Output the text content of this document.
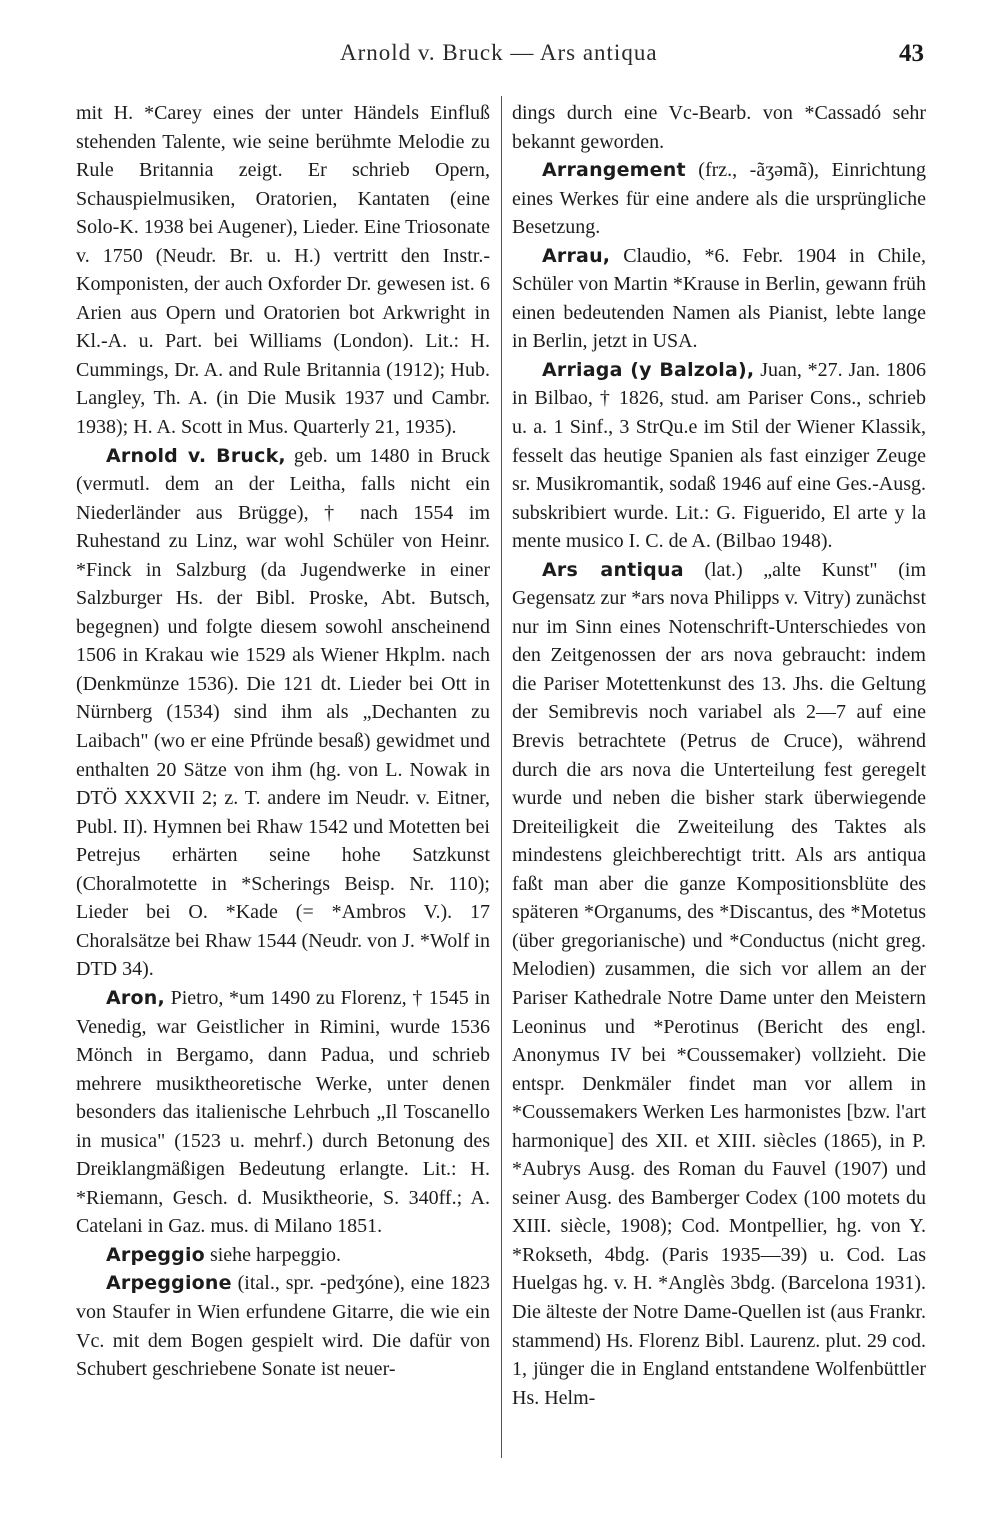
Arnold v. Bruck — Ars antiqua	43

mit H. *Carey eines der unter Händels Einfluß stehenden Talente, wie seine berühmte Melodie zu Rule Britannia zeigt. Er schrieb Opern, Schauspielmusiken, Oratorien, Kantaten (eine Solo-K. 1938 bei Augener), Lieder. Eine Triosonate v. 1750 (Neudr. Br. u. H.) vertritt den Instr.-Komponisten, der auch Oxforder Dr. gewesen ist. 6 Arien aus Opern und Oratorien bot Arkwright in Kl.-A. u. Part. bei Williams (London). Lit.: H. Cummings, Dr. A. and Rule Britannia (1912); Hub. Langley, Th. A. (in Die Musik 1937 und Cambr. 1938); H. A. Scott in Mus. Quarterly 21, 1935).

Arnold v. Bruck, geb. um 1480 in Bruck (vermutl. dem an der Leitha, falls nicht ein Niederländer aus Brügge), † nach 1554 im Ruhestand zu Linz, war wohl Schüler von Heinr. *Finck in Salzburg (da Jugendwerke in einer Salzburger Hs. der Bibl. Proske, Abt. Butsch, begegnen) und folgte diesem sowohl anscheinend 1506 in Krakau wie 1529 als Wiener Hkplm. nach (Denkmünze 1536). Die 121 dt. Lieder bei Ott in Nürnberg (1534) sind ihm als „Dechanten zu Laibach" (wo er eine Pfründe besaß) gewidmet und enthalten 20 Sätze von ihm (hg. von L. Nowak in DTÖ XXXVII 2; z. T. andere im Neudr. v. Eitner, Publ. II). Hymnen bei Rhaw 1542 und Motetten bei Petrejus erhärten seine hohe Satzkunst (Choralmotette in *Scherings Beisp. Nr. 110); Lieder bei O. *Kade (= *Ambros V.). 17 Choralsätze bei Rhaw 1544 (Neudr. von J. *Wolf in DTD 34).

Aron, Pietro, *um 1490 zu Florenz, † 1545 in Venedig, war Geistlicher in Rimini, wurde 1536 Mönch in Bergamo, dann Padua, und schrieb mehrere musiktheoretische Werke, unter denen besonders das italienische Lehrbuch „Il Toscanello in musica" (1523 u. mehrf.) durch Betonung des Dreiklangmäßigen Bedeutung erlangte. Lit.: H. *Riemann, Gesch. d. Musiktheorie, S. 340ff.; A. Catelani in Gaz. mus. di Milano 1851.

Arpeggio siehe harpeggio.

Arpeggione (ital., spr. -pedʒóne), eine 1823 von Staufer in Wien erfundene Gitarre, die wie ein Vc. mit dem Bogen gespielt wird. Die dafür von Schubert geschriebene Sonate ist neuer-

dings durch eine Vc-Bearb. von *Cassadó sehr bekannt geworden.

Arrangement (frz., -ãʒəmã), Einrichtung eines Werkes für eine andere als die ursprüngliche Besetzung.

Arrau, Claudio, *6. Febr. 1904 in Chile, Schüler von Martin *Krause in Berlin, gewann früh einen bedeutenden Namen als Pianist, lebte lange in Berlin, jetzt in USA.

Arriaga (y Balzola), Juan, *27. Jan. 1806 in Bilbao, † 1826, stud. am Pariser Cons., schrieb u. a. 1 Sinf., 3 StrQu.e im Stil der Wiener Klassik, fesselt das heutige Spanien als fast einziger Zeuge sr. Musikromantik, sodaß 1946 auf eine Ges.-Ausg. subskribiert wurde. Lit.: G. Figuerido, El arte y la mente musico I. C. de A. (Bilbao 1948).

Ars antiqua (lat.) „alte Kunst" (im Gegensatz zur *ars nova Philipps v. Vitry) zunächst nur im Sinn eines Notenschrift-Unterschiedes von den Zeitgenossen der ars nova gebraucht: indem die Pariser Motettenkunst des 13. Jhs. die Geltung der Semibrevis noch variabel als 2—7 auf eine Brevis betrachtete (Petrus de Cruce), während durch die ars nova die Unterteilung fest geregelt wurde und neben die bisher stark überwiegende Dreiteiligkeit die Zweiteilung des Taktes als mindestens gleichberechtigt tritt. Als ars antiqua faßt man aber die ganze Kompositionsblüte des späteren *Organums, des *Discantus, des *Motetus (über gregorianische) und *Conductus (nicht greg. Melodien) zusammen, die sich vor allem an der Pariser Kathedrale Notre Dame unter den Meistern Leoninus und *Perotinus (Bericht des engl. Anonymus IV bei *Coussemaker) vollzieht. Die entspr. Denkmäler findet man vor allem in *Coussemakers Werken Les harmonistes [bzw. l'art harmonique] des XII. et XIII. siècles (1865), in P. *Aubrys Ausg. des Roman du Fauvel (1907) und seiner Ausg. des Bamberger Codex (100 motets du XIII. siècle, 1908); Cod. Montpellier, hg. von Y. *Rokseth, 4bdg. (Paris 1935—39) u. Cod. Las Huelgas hg. v. H. *Anglès 3bdg. (Barcelona 1931). Die älteste der Notre Dame-Quellen ist (aus Frankr. stammend) Hs. Florenz Bibl. Laurenz. plut. 29 cod. 1, jünger die in England entstandene Wolfenbüttler Hs. Helm-
